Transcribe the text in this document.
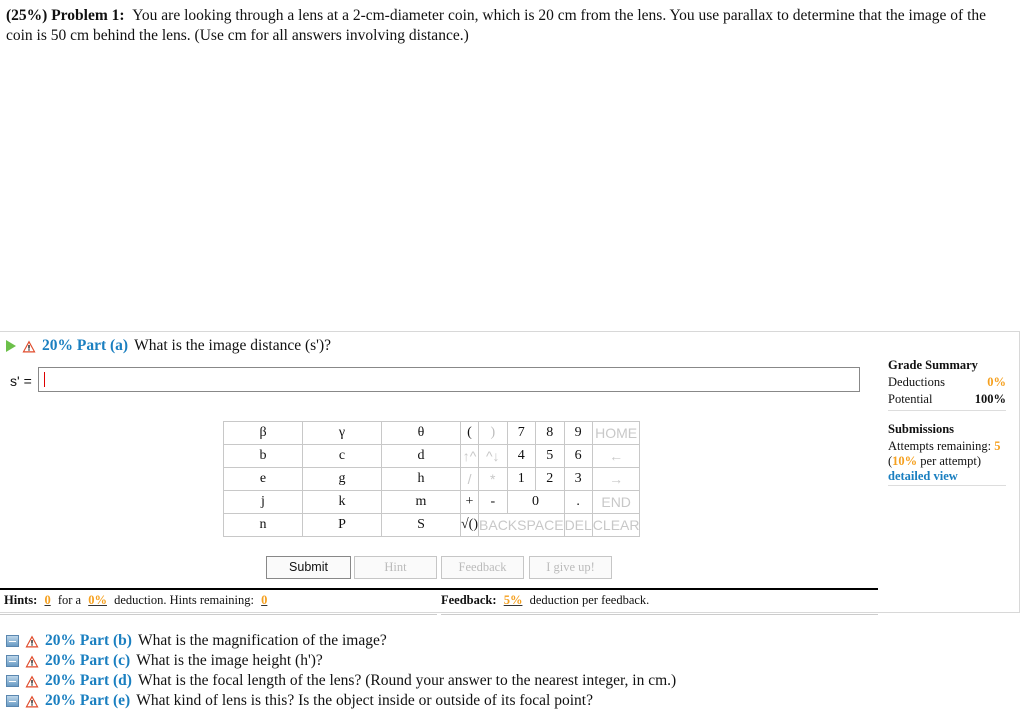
(25%) Problem 1: You are looking through a lens at a 2-cm-diameter coin, which is 20 cm from the lens. You use parallax to determine that the image of the coin is 50 cm behind the lens. (Use cm for all answers involving distance.)
20% Part (a) What is the image distance (s')?
s' =
Grade Summary
Deductions	0%
Potential	100%
Submissions
Attempts remaining: 5
(10% per attempt)
detailed view
β	γ	θ	(	)	7	8	9	HOME
b	c	d	↑^	^↓	4	5	6	←
e	g	h	/	*	1	2	3	→
j	k	m	+	-	0		.	END
n	P	S	√()	BACKSPACE			DEL	CLEAR
Submit	Hint	Feedback	I give up!
Hints: 0 for a 0% deduction. Hints remaining: 0	Feedback: 5% deduction per feedback.
20% Part (b) What is the magnification of the image?
20% Part (c) What is the image height (h')?
20% Part (d) What is the focal length of the lens? (Round your answer to the nearest integer, in cm.)
20% Part (e) What kind of lens is this? Is the object inside or outside of its focal point?
